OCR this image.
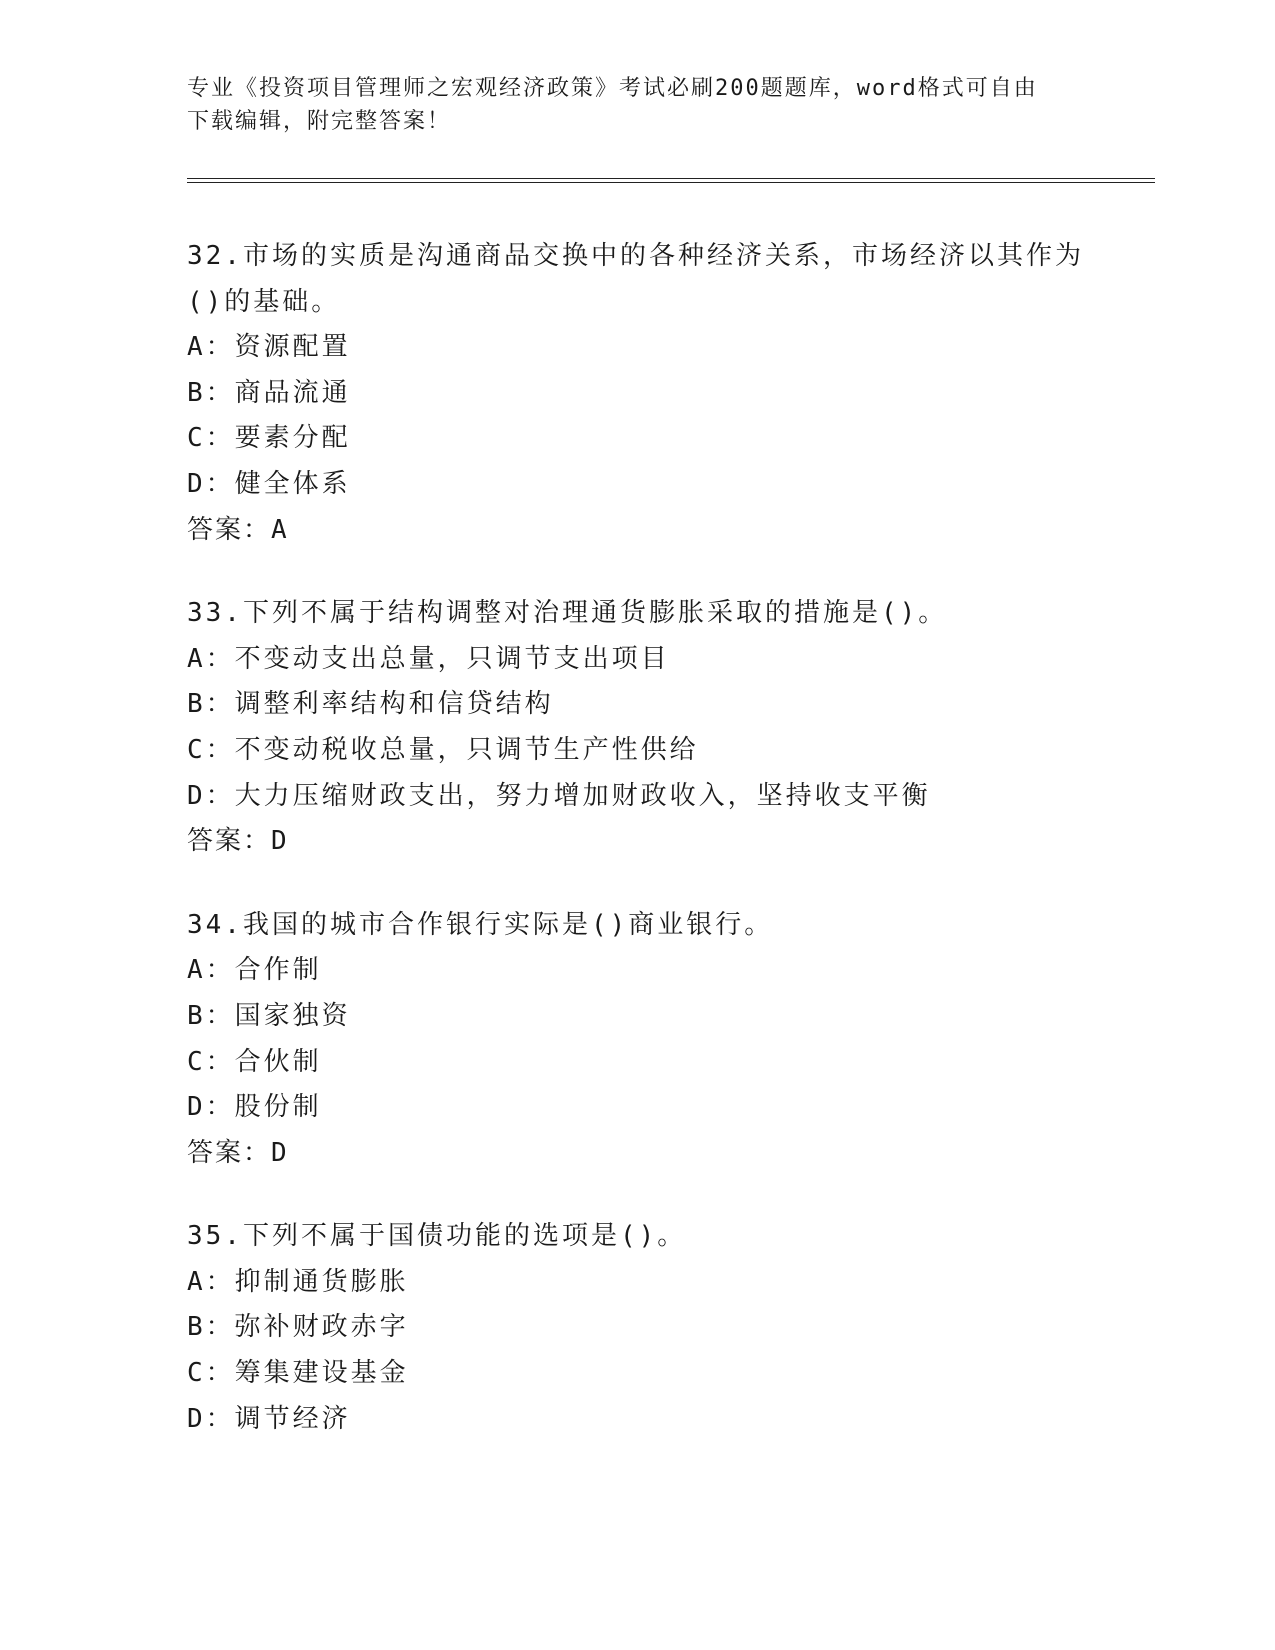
专业《投资项目管理师之宏观经济政策》考试必刷200题题库，word格式可自由
下载编辑，附完整答案！
32.市场的实质是沟通商品交换中的各种经济关系，市场经济以其作为
()的基础。
A：资源配置
B：商品流通
C：要素分配
D：健全体系
答案：A
33.下列不属于结构调整对治理通货膨胀采取的措施是()。
A：不变动支出总量，只调节支出项目
B：调整利率结构和信贷结构
C：不变动税收总量，只调节生产性供给
D：大力压缩财政支出，努力增加财政收入，坚持收支平衡
答案：D
34.我国的城市合作银行实际是()商业银行。
A：合作制
B：国家独资
C：合伙制
D：股份制
答案：D
35.下列不属于国债功能的选项是()。
A：抑制通货膨胀
B：弥补财政赤字
C：筹集建设基金
D：调节经济
